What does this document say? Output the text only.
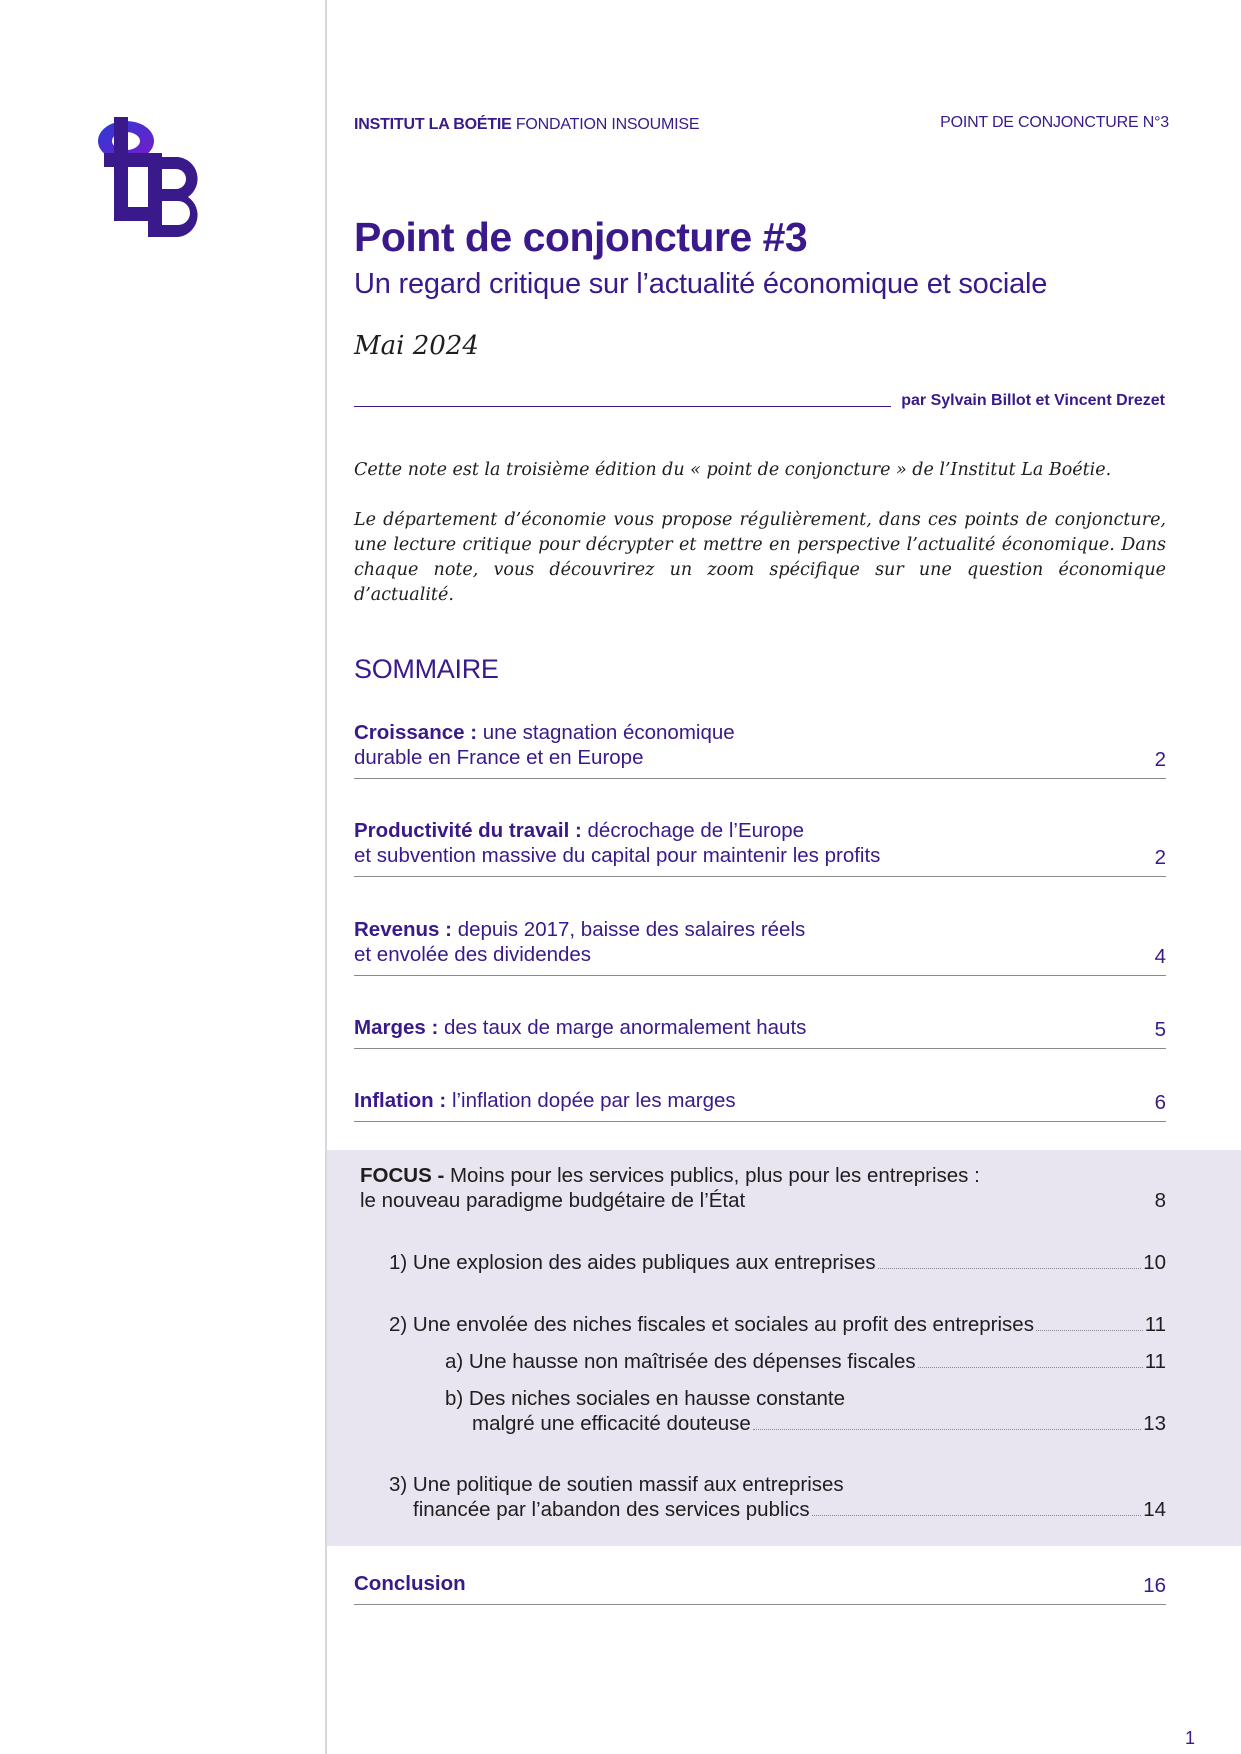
INSTITUT LA BOÉTIE FONDATION INSOUMISE	POINT DE CONJONCTURE N°3
Point de conjoncture #3
Un regard critique sur l’actualité économique et sociale
Mai 2024
par Sylvain Billot et Vincent Drezet
Cette note est la troisième édition du « point de conjoncture » de l’Institut La Boétie.
Le département d’économie vous propose régulièrement, dans ces points de conjoncture, une lecture critique pour décrypter et mettre en perspective l’actualité économique. Dans chaque note, vous découvrirez un zoom spécifique sur une question économique d’actualité.
SOMMAIRE
Croissance : une stagnation économique
durable en France et en Europe	2
Productivité du travail : décrochage de l’Europe
et subvention massive du capital pour maintenir les profits	2
Revenus : depuis 2017, baisse des salaires réels
et envolée des dividendes	4
Marges : des taux de marge anormalement hauts	5
Inflation : l’inflation dopée par les marges	6
FOCUS - Moins pour les services publics, plus pour les entreprises :
le nouveau paradigme budgétaire de l’État	8
1) Une explosion des aides publiques aux entreprises	10
2) Une envolée des niches fiscales et sociales au profit des entreprises	11
a) Une hausse non maîtrisée des dépenses fiscales	11
b) Des niches sociales en hausse constante
malgré une efficacité douteuse	13
3) Une politique de soutien massif aux entreprises
financée par l’abandon des services publics	14
Conclusion	16
1
